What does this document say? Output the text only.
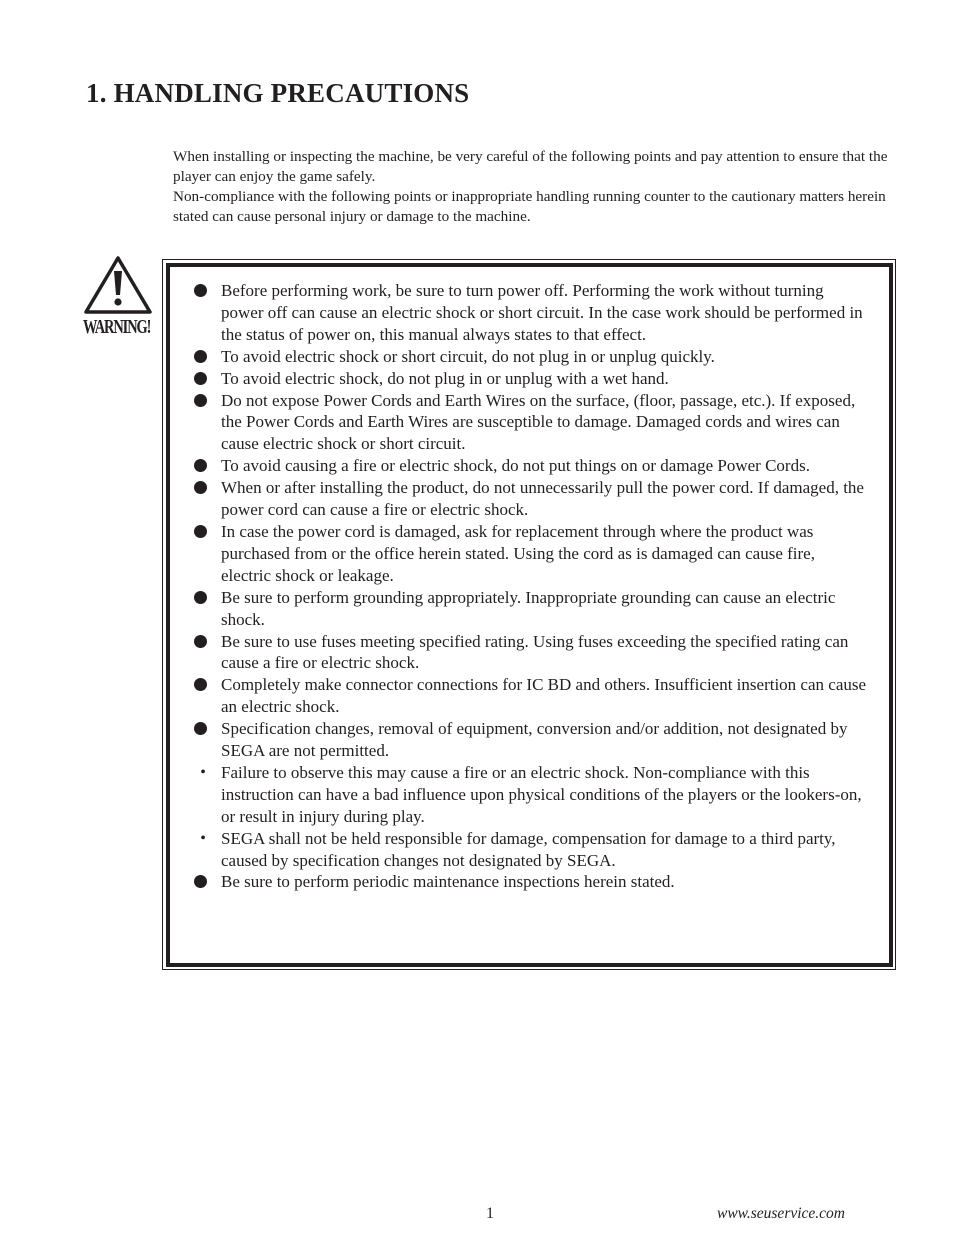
1. HANDLING PRECAUTIONS

When installing or inspecting the machine, be very careful of the following points and pay attention to ensure that the player can enjoy the game safely.

Non-compliance with the following points or inappropriate handling running counter to the cautionary matters herein stated can cause personal injury or damage to the machine.

WARNING!
Before performing work, be sure to turn power off. Performing the work without turning power off can cause an electric shock or short circuit. In the case work should be performed in the status of power on, this manual always states to that effect.
To avoid electric shock or short circuit, do not plug in or unplug quickly.
To avoid electric shock, do not plug in or unplug with a wet hand.
Do not expose Power Cords and Earth Wires on the surface, (floor, passage, etc.). If exposed, the Power Cords and Earth Wires are susceptible to damage. Damaged cords and wires can cause electric shock or short circuit.
To avoid causing a fire or electric shock, do not put things on or damage Power Cords.
When or after installing the product, do not unnecessarily pull the power cord. If damaged, the power cord can cause a fire or electric shock.
In case the power cord is damaged, ask for replacement through where the product was purchased from or the office herein stated. Using the cord as is damaged can cause fire, electric shock or leakage.
Be sure to perform grounding appropriately. Inappropriate grounding can cause an electric shock.
Be sure to use fuses meeting specified rating. Using fuses exceeding the specified rating can cause a fire or electric shock.
Completely make connector connections for IC BD and others. Insufficient insertion can cause an electric shock.
Specification changes, removal of equipment, conversion and/or addition, not designated by SEGA are not permitted.
• Failure to observe this may cause a fire or an electric shock. Non-compliance with this instruction can have a bad influence upon physical conditions of the players or the lookers-on, or result in injury during play.
• SEGA shall not be held responsible for damage, compensation for damage to a third party, caused by specification changes not designated by SEGA.
Be sure to perform periodic maintenance inspections herein stated.
1	www.seuservice.com
